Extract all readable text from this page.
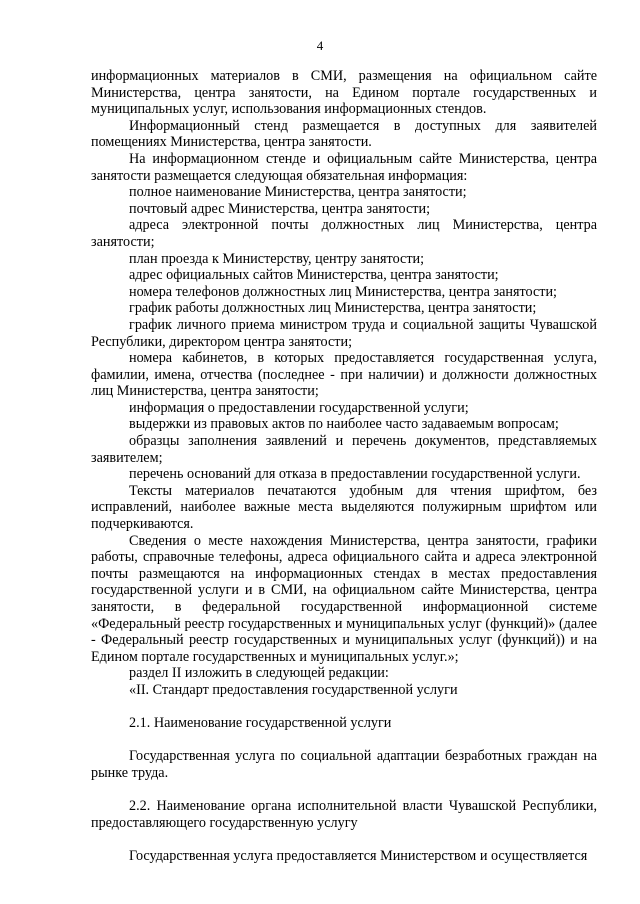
4

информационных материалов в СМИ, размещения на официальном сайте Министерства, центра занятости, на Едином портале государственных и муниципальных услуг, использования информационных стендов.

Информационный стенд размещается в доступных для заявителей помещениях Министерства, центра занятости.

На информационном стенде и официальным сайте Министерства, центра занятости размещается следующая обязательная информация:

полное наименование Министерства, центра занятости;

почтовый адрес Министерства, центра занятости;

адреса электронной почты должностных лиц Министерства, центра занятости;

план проезда к Министерству, центру занятости;

адрес официальных сайтов Министерства, центра занятости;

номера телефонов должностных лиц Министерства, центра занятости;

график работы должностных лиц Министерства, центра занятости;

график личного приема министром труда и социальной защиты Чувашской Республики, директором центра занятости;

номера кабинетов, в которых предоставляется государственная услуга, фамилии, имена, отчества (последнее - при наличии) и должности должностных лиц Министерства, центра занятости;

информация о предоставлении государственной услуги;

выдержки из правовых актов по наиболее часто задаваемым вопросам;

образцы заполнения заявлений и перечень документов, представляемых заявителем;

перечень оснований для отказа в предоставлении государственной услуги.

Тексты материалов печатаются удобным для чтения шрифтом, без исправлений, наиболее важные места выделяются полужирным шрифтом или подчеркиваются.

Сведения о месте нахождения Министерства, центра занятости, графики работы, справочные телефоны, адреса официального сайта и адреса электронной почты размещаются на информационных стендах в местах предоставления государственной услуги и в СМИ, на официальном сайте Министерства, центра занятости, в федеральной государственной информационной системе «Федеральный реестр государственных и муниципальных услуг (функций)» (далее - Федеральный реестр государственных и муниципальных услуг (функций)) и на Едином портале государственных и муниципальных услуг.»;

раздел II изложить в следующей редакции:

«II. Стандарт предоставления государственной услуги

2.1. Наименование государственной услуги

Государственная услуга по социальной адаптации безработных граждан на рынке труда.

2.2. Наименование органа исполнительной власти Чувашской Республики, предоставляющего государственную услугу

Государственная услуга предоставляется Министерством и осуществляется
